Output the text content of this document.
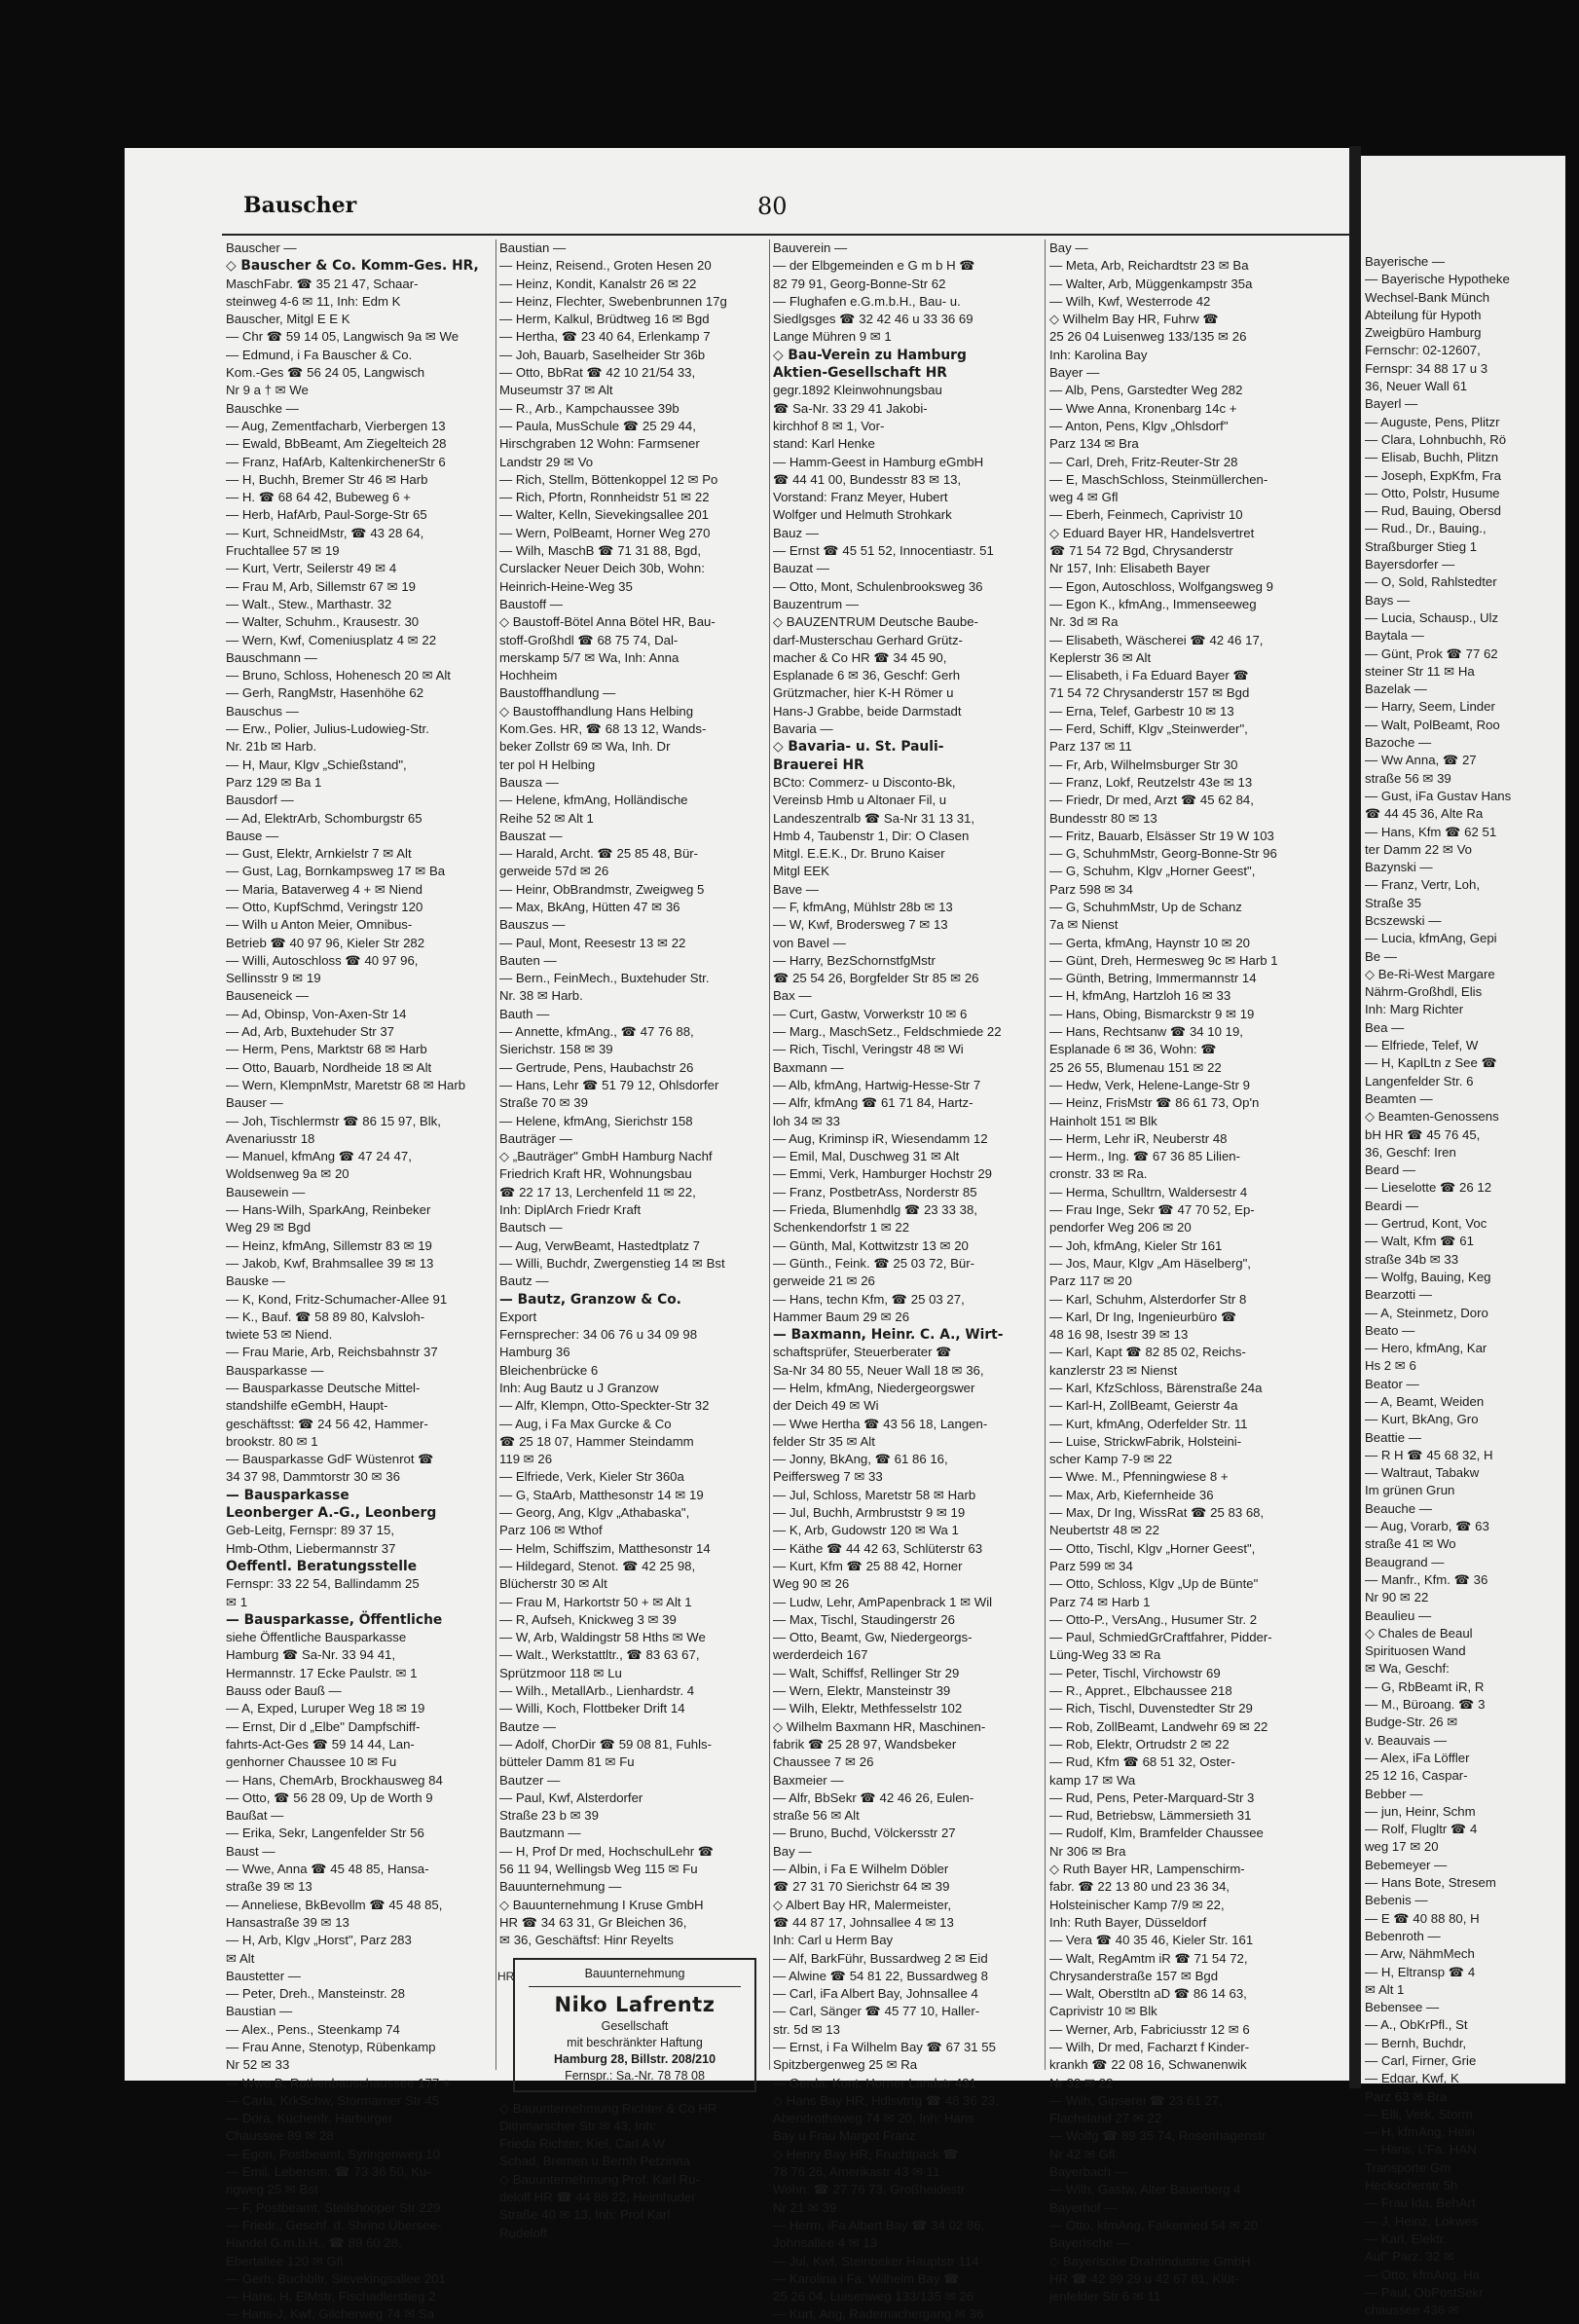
Bauscher	80
Bauscher —
◇ Bauscher & Co. Komm-Ges. HR,
MaschFabr. ☎ 35 21 47, Schaar-
steinweg 4-6 ✉ 11, Inh: Edm K
Bauscher, Mitgl E E K
— Chr ☎ 59 14 05, Langwisch 9a ✉ We
— Edmund, i Fa Bauscher & Co.
Kom.-Ges ☎ 56 24 05, Langwisch
Nr 9 a † ✉ We
Bauschke —
— Aug, Zementfacharb, Vierbergen 13
— Ewald, BbBeamt, Am Ziegelteich 28
— Franz, HafArb, KaltenkirchenerStr 6
— H, Buchh, Bremer Str 46 ✉ Harb
— H. ☎ 68 64 42, Bubeweg 6 +
— Herb, HafArb, Paul-Sorge-Str 65
— Kurt, SchneidMstr, ☎ 43 28 64,
Fruchtallee 57 ✉ 19
— Kurt, Vertr, Seilerstr 49 ✉ 4
— Frau M, Arb, Sillemstr 67 ✉ 19
— Walt., Stew., Marthastr. 32
— Walter, Schuhm., Krausestr. 30
— Wern, Kwf, Comeniusplatz 4 ✉ 22
Bauschmann —
— Bruno, Schloss, Hohenesch 20 ✉ Alt
— Gerh, RangMstr, Hasenhöhe 62
Bauschus —
— Erw., Polier, Julius-Ludowieg-Str.
Nr. 21b ✉ Harb.
— H, Maur, Klgv „Schießstand",
Parz 129 ✉ Ba 1
Bausdorf —
— Ad, ElektrArb, Schomburgstr 65
Bause —
— Gust, Elektr, Arnkielstr 7 ✉ Alt
— Gust, Lag, Bornkampsweg 17 ✉ Ba
— Maria, Bataverweg 4 + ✉ Niend
— Otto, KupfSchmd, Veringstr 120
— Wilh u Anton Meier, Omnibus-
Betrieb ☎ 40 97 96, Kieler Str 282
— Willi, Autoschloss ☎ 40 97 96,
Sellinsstr 9 ✉ 19
Bauseneick —
— Ad, Obinsp, Von-Axen-Str 14
— Ad, Arb, Buxtehuder Str 37
— Herm, Pens, Marktstr 68 ✉ Harb
— Otto, Bauarb, Nordheide 18 ✉ Alt
— Wern, KlempnMstr, Maretstr 68 ✉ Harb
Bauser —
— Joh, Tischlermstr ☎ 86 15 97, Blk,
Avenariusstr 18
— Manuel, kfmAng ☎ 47 24 47,
Woldsenweg 9a ✉ 20
Bausewein —
— Hans-Wilh, SparkAng, Reinbeker
Weg 29 ✉ Bgd
— Heinz, kfmAng, Sillemstr 83 ✉ 19
— Jakob, Kwf, Brahmsallee 39 ✉ 13
Bauske —
— K, Kond, Fritz-Schumacher-Allee 91
— K., Bauf. ☎ 58 89 80, Kalvsloh-
twiete 53 ✉ Niend.
— Frau Marie, Arb, Reichsbahnstr 37
Bausparkasse —
— Bausparkasse Deutsche Mittel-
standshilfe eGembH, Haupt-
geschäftsst: ☎ 24 56 42, Hammer-
brookstr. 80 ✉ 1
— Bausparkasse GdF Wüstenrot ☎
34 37 98, Dammtorstr 30 ✉ 36
— Bausparkasse
Leonberger A.-G., Leonberg
Geb-Leitg, Fernspr: 89 37 15,
Hmb-Othm, Liebermannstr 37
Oeffentl. Beratungsstelle
Fernspr: 33 22 54, Ballindamm 25
✉ 1
— Bausparkasse, Öffentliche
siehe Öffentliche Bausparkasse
Hamburg ☎ Sa-Nr. 33 94 41,
Hermannstr. 17 Ecke Paulstr. ✉ 1
Bauss oder Bauß —
— A, Exped, Luruper Weg 18 ✉ 19
— Ernst, Dir d „Elbe" Dampfschiff-
fahrts-Act-Ges ☎ 59 14 44, Lan-
genhorner Chaussee 10 ✉ Fu
— Hans, ChemArb, Brockhausweg 84
— Otto, ☎ 56 28 09, Up de Worth 9
Baußat —
— Erika, Sekr, Langenfelder Str 56
Baust —
— Wwe, Anna ☎ 45 48 85, Hansa-
straße 39 ✉ 13
— Anneliese, BkBevollm ☎ 45 48 85,
Hansastraße 39 ✉ 13
— H, Arb, Klgv „Horst", Parz 283
✉ Alt
Baustetter —
— Peter, Dreh., Mansteinstr. 28
Baustian —
— Alex., Pens., Steenkamp 74
— Frau Anne, Stenotyp, Rübenkamp
Nr 52 ✉ 33
— Wwe B, Rothenbauschaussee 177 +
— Carla, KrkSchw, Stormarner Str 45
— Dora, Küchenfr, Harburger
Chaussee 89 ✉ 28
— Egon, Postbeamt, Syringenweg 10
— Emil, Lebensm. ☎ 73 36 50, Ku-
rigweg 25 ✉ Bst
— F, Postbeamt, Steilshooper Str 229
— Friedr., Geschf. d. Shrino Übersee-
Handel G.m.b.H., ☎ 89 60 28,
Ebertallee 120 ✉ Gfl
— Gerh, Buchbltr, Sievekingsallee 201
— Hans, H, ElMstr, Fischadlerstieg 2
— Hans-J, Kwf, Gilcherweg 74 ✉ Sa
Baustian —
— Heinz, Reisend., Groten Hesen 20
— Heinz, Kondit, Kanalstr 26 ✉ 22
— Heinz, Flechter, Swebenbrunnen 17g
— Herm, Kalkul, Brüdtweg 16 ✉ Bgd
— Hertha, ☎ 23 40 64, Erlenkamp 7
— Joh, Bauarb, Saselheider Str 36b
— Otto, BbRat ☎ 42 10 21/54 33,
Museumstr 37 ✉ Alt
— R., Arb., Kampchaussee 39b
— Paula, MusSchule ☎ 25 29 44,
Hirschgraben 12 Wohn: Farmsener
Landstr 29 ✉ Vo
— Rich, Stellm, Böttenkoppel 12 ✉ Po
— Rich, Pfortn, Ronnheidstr 51 ✉ 22
— Walter, Kelln, Sievekingsallee 201
— Wern, PolBeamt, Horner Weg 270
— Wilh, MaschB ☎ 71 31 88, Bgd,
Curslacker Neuer Deich 30b, Wohn:
Heinrich-Heine-Weg 35
Baustoff —
◇ Baustoff-Bötel Anna Bötel HR, Bau-
stoff-Großhdl ☎ 68 75 74, Dal-
merskamp 5/7 ✉ Wa, Inh: Anna
Hochheim
Baustoffhandlung —
◇ Baustoffhandlung Hans Helbing
Kom.Ges. HR, ☎ 68 13 12, Wands-
beker Zollstr 69 ✉ Wa, Inh. Dr
ter pol H Helbing
Bausza —
— Helene, kfmAng, Holländische
Reihe 52 ✉ Alt 1
Bauszat —
— Harald, Archt. ☎ 25 85 48, Bür-
gerweide 57d ✉ 26
— Heinr, ObBrandmstr, Zweigweg 5
— Max, BkAng, Hütten 47 ✉ 36
Bauszus —
— Paul, Mont, Reesestr 13 ✉ 22
Bauten —
— Bern., FeinMech., Buxtehuder Str.
Nr. 38 ✉ Harb.
Bauth —
— Annette, kfmAng., ☎ 47 76 88,
Sierichstr. 158 ✉ 39
— Gertrude, Pens, Haubachstr 26
— Hans, Lehr ☎ 51 79 12, Ohlsdorfer
Straße 70 ✉ 39
— Helene, kfmAng, Sierichstr 158
Bauträger —
◇ „Bauträger" GmbH Hamburg Nachf
Friedrich Kraft HR, Wohnungsbau
☎ 22 17 13, Lerchenfeld 11 ✉ 22,
Inh: DiplArch Friedr Kraft
Bautsch —
— Aug, VerwBeamt, Hastedtplatz 7
— Willi, Buchdr, Zwergenstieg 14 ✉ Bst
Bautz —
— Bautz, Granzow & Co.
Export
Fernsprecher: 34 06 76 u 34 09 98
Hamburg 36
Bleichenbrücke 6
Inh: Aug Bautz u J Granzow
— Alfr, Klempn, Otto-Speckter-Str 32
— Aug, i Fa Max Gurcke & Co
☎ 25 18 07, Hammer Steindamm
119 ✉ 26
— Elfriede, Verk, Kieler Str 360a
— G, StaArb, Matthesonstr 14 ✉ 19
— Georg, Ang, Klgv „Athabaska",
Parz 106 ✉ Wthof
— Helm, Schiffszim, Matthesonstr 14
— Hildegard, Stenot. ☎ 42 25 98,
Blücherstr 30 ✉ Alt
— Frau M, Harkortstr 50 + ✉ Alt 1
— R, Aufseh, Knickweg 3 ✉ 39
— W, Arb, Waldingstr 58 Hths ✉ We
— Walt., Werkstattltr., ☎ 83 63 67,
Sprützmoor 118 ✉ Lu
— Wilh., MetallArb., Lienhardstr. 4
— Willi, Koch, Flottbeker Drift 14
Bautze —
— Adolf, ChorDir ☎ 59 08 81, Fuhls-
bütteler Damm 81 ✉ Fu
Bautzer —
— Paul, Kwf, Alsterdorfer
Straße 23 b ✉ 39
Bautzmann —
— H, Prof Dr med, HochschulLehr ☎
56 11 94, Wellingsb Weg 115 ✉ Fu
Bauunternehmung —
◇ Bauunternehmung I Kruse GmbH
HR ☎ 34 63 31, Gr Bleichen 36,
✉ 36, Geschäftsf: Hinr Reyelts
HR	Bauunternehmung
Niko Lafrentz
Gesellschaft
mit beschränkter Haftung
Hamburg 28, Billstr. 208/210
Fernspr.: Sa.-Nr. 78 78 08
◇ Bauunternehmung Richter & Co HR
Dithmarscher Str ✉ 43, Inh:
Frieda Richter, Kiel, Carl A W
Schad, Bremen u Bernh Petzinna
◇ Bauunternehmung Prof. Karl Ru-
deloff HR ☎ 44 88 22, Heimhuder
Straße 40 ✉ 13, Inh: Prof Karl
Rudeloff
Bauverein —
— der Elbgemeinden e G m b H ☎
82 79 91, Georg-Bonne-Str 62
— Flughafen e.G.m.b.H., Bau- u.
Siedlgsges ☎ 32 42 46 u 33 36 69
Lange Mühren 9 ✉ 1
◇ Bau-Verein zu Hamburg
Aktien-Gesellschaft HR
gegr.1892 Kleinwohnungsbau
☎ Sa-Nr. 33 29 41 Jakobi-
kirchhof 8 ✉ 1, Vor-
stand: Karl Henke
— Hamm-Geest in Hamburg eGmbH
☎ 44 41 00, Bundesstr 83 ✉ 13,
Vorstand: Franz Meyer, Hubert
Wolfger und Helmuth Strohkark
Bauz —
— Ernst ☎ 45 51 52, Innocentiastr. 51
Bauzat —
— Otto, Mont, Schulenbrooksweg 36
Bauzentrum —
◇ BAUZENTRUM Deutsche Baube-
darf-Musterschau Gerhard Grütz-
macher & Co HR ☎ 34 45 90,
Esplanade 6 ✉ 36, Geschf: Gerh
Grützmacher, hier K-H Römer u
Hans-J Grabbe, beide Darmstadt
Bavaria —
◇ Bavaria- u. St. Pauli-
Brauerei HR
BCto: Commerz- u Disconto-Bk,
Vereinsb Hmb u Altonaer Fil, u
Landeszentralb ☎ Sa-Nr 31 13 31,
Hmb 4, Taubenstr 1, Dir: O Clasen
Mitgl. E.E.K., Dr. Bruno Kaiser
Mitgl EEK
Bave —
— F, kfmAng, Mühlstr 28b ✉ 13
— W, Kwf, Brodersweg 7 ✉ 13
von Bavel —
— Harry, BezSchornstfgMstr
☎ 25 54 26, Borgfelder Str 85 ✉ 26
Bax —
— Curt, Gastw, Vorwerkstr 10 ✉ 6
— Marg., MaschSetz., Feldschmiede 22
— Rich, Tischl, Veringstr 48 ✉ Wi
Baxmann —
— Alb, kfmAng, Hartwig-Hesse-Str 7
— Alfr, kfmAng ☎ 61 71 84, Hartz-
loh 34 ✉ 33
— Aug, Kriminsp iR, Wiesendamm 12
— Emil, Mal, Duschweg 31 ✉ Alt
— Emmi, Verk, Hamburger Hochstr 29
— Franz, PostbetrAss, Norderstr 85
— Frieda, Blumenhdlg ☎ 23 33 38,
Schenkendorfstr 1 ✉ 22
— Günth, Mal, Kottwitzstr 13 ✉ 20
— Günth., Feink. ☎ 25 03 72, Bür-
gerweide 21 ✉ 26
— Hans, techn Kfm, ☎ 25 03 27,
Hammer Baum 29 ✉ 26
— Baxmann, Heinr. C. A., Wirt-
schaftsprüfer, Steuerberater ☎
Sa-Nr 34 80 55, Neuer Wall 18 ✉ 36,
— Helm, kfmAng, Niedergeorgswer
der Deich 49 ✉ Wi
— Wwe Hertha ☎ 43 56 18, Langen-
felder Str 35 ✉ Alt
— Jonny, BkAng, ☎ 61 86 16,
Peiffersweg 7 ✉ 33
— Jul, Schloss, Maretstr 58 ✉ Harb
— Jul, Buchh, Armbruststr 9 ✉ 19
— K, Arb, Gudowstr 120 ✉ Wa 1
— Käthe ☎ 44 42 63, Schlüterstr 63
— Kurt, Kfm ☎ 25 88 42, Horner
Weg 90 ✉ 26
— Ludw, Lehr, AmPapenbrack 1 ✉ Wil
— Max, Tischl, Staudingerstr 26
— Otto, Beamt, Gw, Niedergeorgs-
werderdeich 167
— Walt, Schiffsf, Rellinger Str 29
— Wern, Elektr, Mansteinstr 39
— Wilh, Elektr, Methfesselstr 102
◇ Wilhelm Baxmann HR, Maschinen-
fabrik ☎ 25 28 97, Wandsbeker
Chaussee 7 ✉ 26
Baxmeier —
— Alfr, BbSekr ☎ 42 46 26, Eulen-
straße 56 ✉ Alt
— Bruno, Buchd, Völckersstr 27
Bay —
— Albin, i Fa E Wilhelm Döbler
☎ 27 31 70 Sierichstr 64 ✉ 39
◇ Albert Bay HR, Malermeister,
☎ 44 87 17, Johnsallee 4 ✉ 13
Inh: Carl u Herm Bay
— Alf, BarkFühr, Bussardweg 2 ✉ Eid
— Alwine ☎ 54 81 22, Bussardweg 8
— Carl, iFa Albert Bay, Johnsallee 4
— Carl, Sänger ☎ 45 77 10, Haller-
str. 5d ✉ 13
— Ernst, i Fa Wilhelm Bay ☎ 67 31 55
Spitzbergenweg 25 ✉ Ra
— Gerda, Kont, Horner Landstr 431
◇ Hans Bay HR, Hdlsvtrtg ☎ 48 36 23,
Abendrothsweg 74 ✉ 20, Inh: Hans
Bay u Frau Margot Franz
◇ Henry Bay HR, Fruchtpack ☎
78 76 26, Amerikastr 43 ✉ 11
Wohn: ☎ 27 76 73, Großheidestr
Nr 21 ✉ 39
— Herm, iFa Albert Bay ☎ 34 02 86,
Johnsallee 4 ✉ 13
— Jul, Kwf, Steinbeker Hauptstr 114
— Karolina i Fa. Wilhelm Bay ☎
25 26 04, Luisenweg 133/135 ✉ 26
— Kurt, Ang, Rademachergang ✉ 36
Bay —
— Meta, Arb, Reichardtstr 23 ✉ Ba
— Walter, Arb, Müggenkampstr 35a
— Wilh, Kwf, Westerrode 42
◇ Wilhelm Bay HR, Fuhrw ☎
25 26 04 Luisenweg 133/135 ✉ 26
Inh: Karolina Bay
Bayer —
— Alb, Pens, Garstedter Weg 282
— Wwe Anna, Kronenbarg 14c +
— Anton, Pens, Klgv „Ohlsdorf"
Parz 134 ✉ Bra
— Carl, Dreh, Fritz-Reuter-Str 28
— E, MaschSchloss, Steinmüllerchen-
weg 4 ✉ Gfl
— Eberh, Feinmech, Caprivistr 10
◇ Eduard Bayer HR, Handelsvertret
☎ 71 54 72 Bgd, Chrysanderstr
Nr 157, Inh: Elisabeth Bayer
— Egon, Autoschloss, Wolfgangsweg 9
— Egon K., kfmAng., Immenseeweg
Nr. 3d ✉ Ra
— Elisabeth, Wäscherei ☎ 42 46 17,
Keplerstr 36 ✉ Alt
— Elisabeth, i Fa Eduard Bayer ☎
71 54 72 Chrysanderstr 157 ✉ Bgd
— Erna, Telef, Garbestr 10 ✉ 13
— Ferd, Schiff, Klgv „Steinwerder",
Parz 137 ✉ 11
— Fr, Arb, Wilhelmsburger Str 30
— Franz, Lokf, Reutzelstr 43e ✉ 13
— Friedr, Dr med, Arzt ☎ 45 62 84,
Bundesstr 80 ✉ 13
— Fritz, Bauarb, Elsässer Str 19 W 103
— G, SchuhmMstr, Georg-Bonne-Str 96
— G, Schuhm, Klgv „Horner Geest",
Parz 598 ✉ 34
— G, SchuhmMstr, Up de Schanz
7a ✉ Nienst
— Gerta, kfmAng, Haynstr 10 ✉ 20
— Günt, Dreh, Hermesweg 9c ✉ Harb 1
— Günth, Betring, Immermannstr 14
— H, kfmAng, Hartzloh 16 ✉ 33
— Hans, Obing, Bismarckstr 9 ✉ 19
— Hans, Rechtsanw ☎ 34 10 19,
Esplanade 6 ✉ 36, Wohn: ☎
25 26 55, Blumenau 151 ✉ 22
— Hedw, Verk, Helene-Lange-Str 9
— Heinz, FrisMstr ☎ 86 61 73, Op'n
Hainholt 151 ✉ Blk
— Herm, Lehr iR, Neuberstr 48
— Herm., Ing. ☎ 67 36 85 Lilien-
cronstr. 33 ✉ Ra.
— Herma, Schulltrn, Waldersestr 4
— Frau Inge, Sekr ☎ 47 70 52, Ep-
pendorfer Weg 206 ✉ 20
— Joh, kfmAng, Kieler Str 161
— Jos, Maur, Klgv „Am Häselberg",
Parz 117 ✉ 20
— Karl, Schuhm, Alsterdorfer Str 8
— Karl, Dr Ing, Ingenieurbüro ☎
48 16 98, Isestr 39 ✉ 13
— Karl, Kapt ☎ 82 85 02, Reichs-
kanzlerstr 23 ✉ Nienst
— Karl, KfzSchloss, Bärenstraße 24a
— Karl-H, ZollBeamt, Geierstr 4a
— Kurt, kfmAng, Oderfelder Str. 11
— Luise, StrickwFabrik, Holsteini-
scher Kamp 7-9 ✉ 22
— Wwe. M., Pfenningwiese 8 +
— Max, Arb, Kiefernheide 36
— Max, Dr Ing, WissRat ☎ 25 83 68,
Neubertstr 48 ✉ 22
— Otto, Tischl, Klgv „Horner Geest",
Parz 599 ✉ 34
— Otto, Schloss, Klgv „Up de Bünte"
Parz 74 ✉ Harb 1
— Otto-P., VersAng., Husumer Str. 2
— Paul, SchmiedGrCraftfahrer, Pidder-
Lüng-Weg 33 ✉ Ra
— Peter, Tischl, Virchowstr 69
— R., Appret., Elbchaussee 218
— Rich, Tischl, Duvenstedter Str 29
— Rob, ZollBeamt, Landwehr 69 ✉ 22
— Rob, Elektr, Ortrudstr 2 ✉ 22
— Rud, Kfm ☎ 68 51 32, Oster-
kamp 17 ✉ Wa
— Rud, Pens, Peter-Marquard-Str 3
— Rud, Betriebsw, Lämmersieth 31
— Rudolf, Klm, Bramfelder Chaussee
Nr 306 ✉ Bra
◇ Ruth Bayer HR, Lampenschirm-
fabr. ☎ 22 13 80 und 23 36 34,
Holsteinischer Kamp 7/9 ✉ 22,
Inh: Ruth Bayer, Düsseldorf
— Vera ☎ 40 35 46, Kieler Str. 161
— Walt, RegAmtm iR ☎ 71 54 72,
Chrysanderstraße 157 ✉ Bgd
— Walt, Oberstltn aD ☎ 86 14 63,
Caprivistr 10 ✉ Blk
— Werner, Arb, Fabriciusstr 12 ✉ 6
— Wilh, Dr med, Facharzt f Kinder-
krankh ☎ 22 08 16, Schwanenwik
Nr 32 ✉ 22
— Wilh, Gipserei ☎ 23 61 27,
Flachsland 27 ✉ 22
— Wolfg ☎ 89 35 74, Rosenhagenstr
Nr 42 ✉ Gfl.
Bayerbach —
— Wilh, Gastw, Alter Bauerberg 4
Bayerhof —
— Otto, kfmAng, Falkenried 54 ✉ 20
Bayerische —
◇ Bayerische Drahtindustrie GmbH
HR ☎ 42 99 29 u 42 67 81, Klüt-
jenfelder Str 6 ✉ 11
Bayerische —
— Bayerische Hypotheke
Wechsel-Bank Münch
Abteilung für Hypoth
Zweigbüro Hamburg
Fernschr: 02-12607,
Fernspr: 34 88 17 u 3
36, Neuer Wall 61
Bayerl —
— Auguste, Pens, Plitzr
— Clara, Lohnbuchh, Rö
— Elisab, Buchh, Plitzn
— Joseph, ExpKfm, Fra
— Otto, Polstr, Husume
— Rud, Bauing, Obersd
— Rud., Dr., Bauing.,
Straßburger Stieg 1
Bayersdorfer —
— O, Sold, Rahlstedter
Bays —
— Lucia, Schausp., Ulz
Baytala —
— Günt, Prok ☎ 77 62
steiner Str 11 ✉ Ha
Bazelak —
— Harry, Seem, Linder
— Walt, PolBeamt, Roo
Bazoche —
— Ww Anna, ☎ 27
straße 56 ✉ 39
— Gust, iFa Gustav Hans
☎ 44 45 36, Alte Ra
— Hans, Kfm ☎ 62 51
ter Damm 22 ✉ Vo
Bazynski —
— Franz, Vertr, Loh,
Straße 35
Bcszewski —
— Lucia, kfmAng, Gepi
Be —
◇ Be-Ri-West Margare
Nährm-Großhdl, Elis
Inh: Marg Richter
Bea —
— Elfriede, Telef, W
— H, KaplLtn z See ☎
Langenfelder Str. 6
Beamten —
◇ Beamten-Genossens
bH HR ☎ 45 76 45,
36, Geschf: Iren
Beard —
— Lieselotte ☎ 26 12
Beardi —
— Gertrud, Kont, Voc
— Walt, Kfm ☎ 61
straße 34b ✉ 33
— Wolfg, Bauing, Keg
Bearzotti —
— A, Steinmetz, Doro
Beato —
— Hero, kfmAng, Kar
Hs 2 ✉ 6
Beator —
— A, Beamt, Weiden
— Kurt, BkAng, Gro
Beattie —
— R H ☎ 45 68 32, H
— Waltraut, Tabakw
Im grünen Grun
Beauche —
— Aug, Vorarb, ☎ 63
straße 41 ✉ Wo
Beaugrand —
— Manfr., Kfm. ☎ 36
Nr 90 ✉ 22
Beaulieu —
◇ Chales de Beaul
Spirituosen Wand
✉ Wa, Geschf:
— G, RbBeamt iR, R
— M., Büroang. ☎ 3
Budge-Str. 26 ✉
v. Beauvais —
— Alex, iFa Löffler
25 12 16, Caspar-
Bebber —
— jun, Heinr, Schm
— Rolf, Flugltr ☎ 4
weg 17 ✉ 20
Bebemeyer —
— Hans Bote, Stresem
Bebenis —
— E ☎ 40 88 80, H
Bebenroth —
— Arw, NähmMech
— H, Eltransp ☎ 4
✉ Alt 1
Bebensee —
— A., ObKrPfl., St
— Bernh, Buchdr,
— Carl, Firner, Grie
— Edgar, Kwf, K
Parz 63 ✉ Bra
— Elli, Verk, Storm
— H, kfmAng, Hein
— Hans, i.'Fa. HAN
Transporte Gm
Heckscherstr 5h
— Frau Ida, BehArt
— J, Heinz, Lokwes
— Karl, Elektr.
Auf" Parz. 32 ✉
— Otto, kfmAng, Ha
— Paul, ObPostSekr
chaussee 436 ✉
